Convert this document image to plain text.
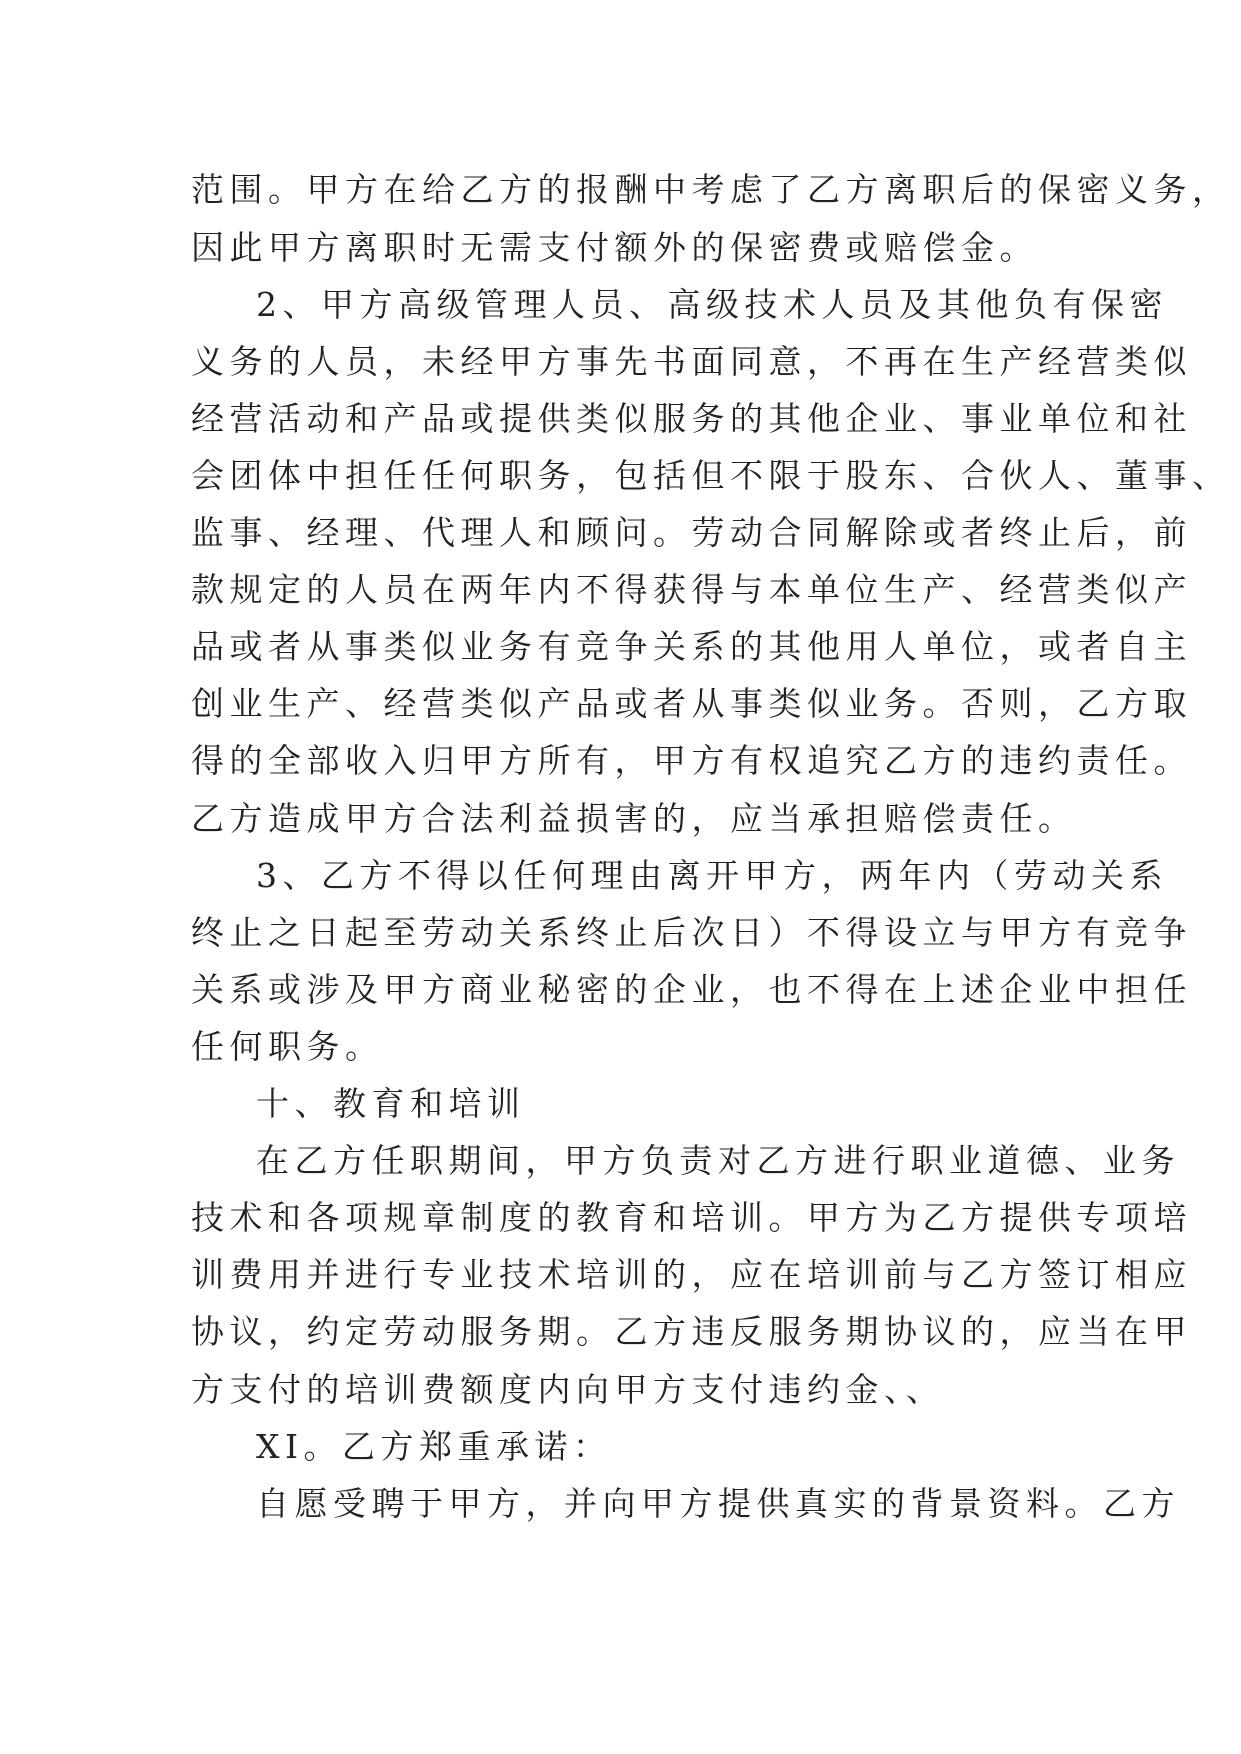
范围。甲方在给乙方的报酬中考虑了乙方离职后的保密义务，
因此甲方离职时无需支付额外的保密费或赔偿金。
2、甲方高级管理人员、高级技术人员及其他负有保密
义务的人员，未经甲方事先书面同意，不再在生产经营类似
经营活动和产品或提供类似服务的其他企业、事业单位和社
会团体中担任任何职务，包括但不限于股东、合伙人、董事、
监事、经理、代理人和顾问。劳动合同解除或者终止后，前
款规定的人员在两年内不得获得与本单位生产、经营类似产
品或者从事类似业务有竞争关系的其他用人单位，或者自主
创业生产、经营类似产品或者从事类似业务。否则，乙方取
得的全部收入归甲方所有，甲方有权追究乙方的违约责任。
乙方造成甲方合法利益损害的，应当承担赔偿责任。
3、乙方不得以任何理由离开甲方，两年内（劳动关系
终止之日起至劳动关系终止后次日）不得设立与甲方有竞争
关系或涉及甲方商业秘密的企业，也不得在上述企业中担任
任何职务。
十、教育和培训
在乙方任职期间，甲方负责对乙方进行职业道德、业务
技术和各项规章制度的教育和培训。甲方为乙方提供专项培
训费用并进行专业技术培训的，应在培训前与乙方签订相应
协议，约定劳动服务期。乙方违反服务期协议的，应当在甲
方支付的培训费额度内向甲方支付违约金、、
XI。乙方郑重承诺：
自愿受聘于甲方，并向甲方提供真实的背景资料。乙方
